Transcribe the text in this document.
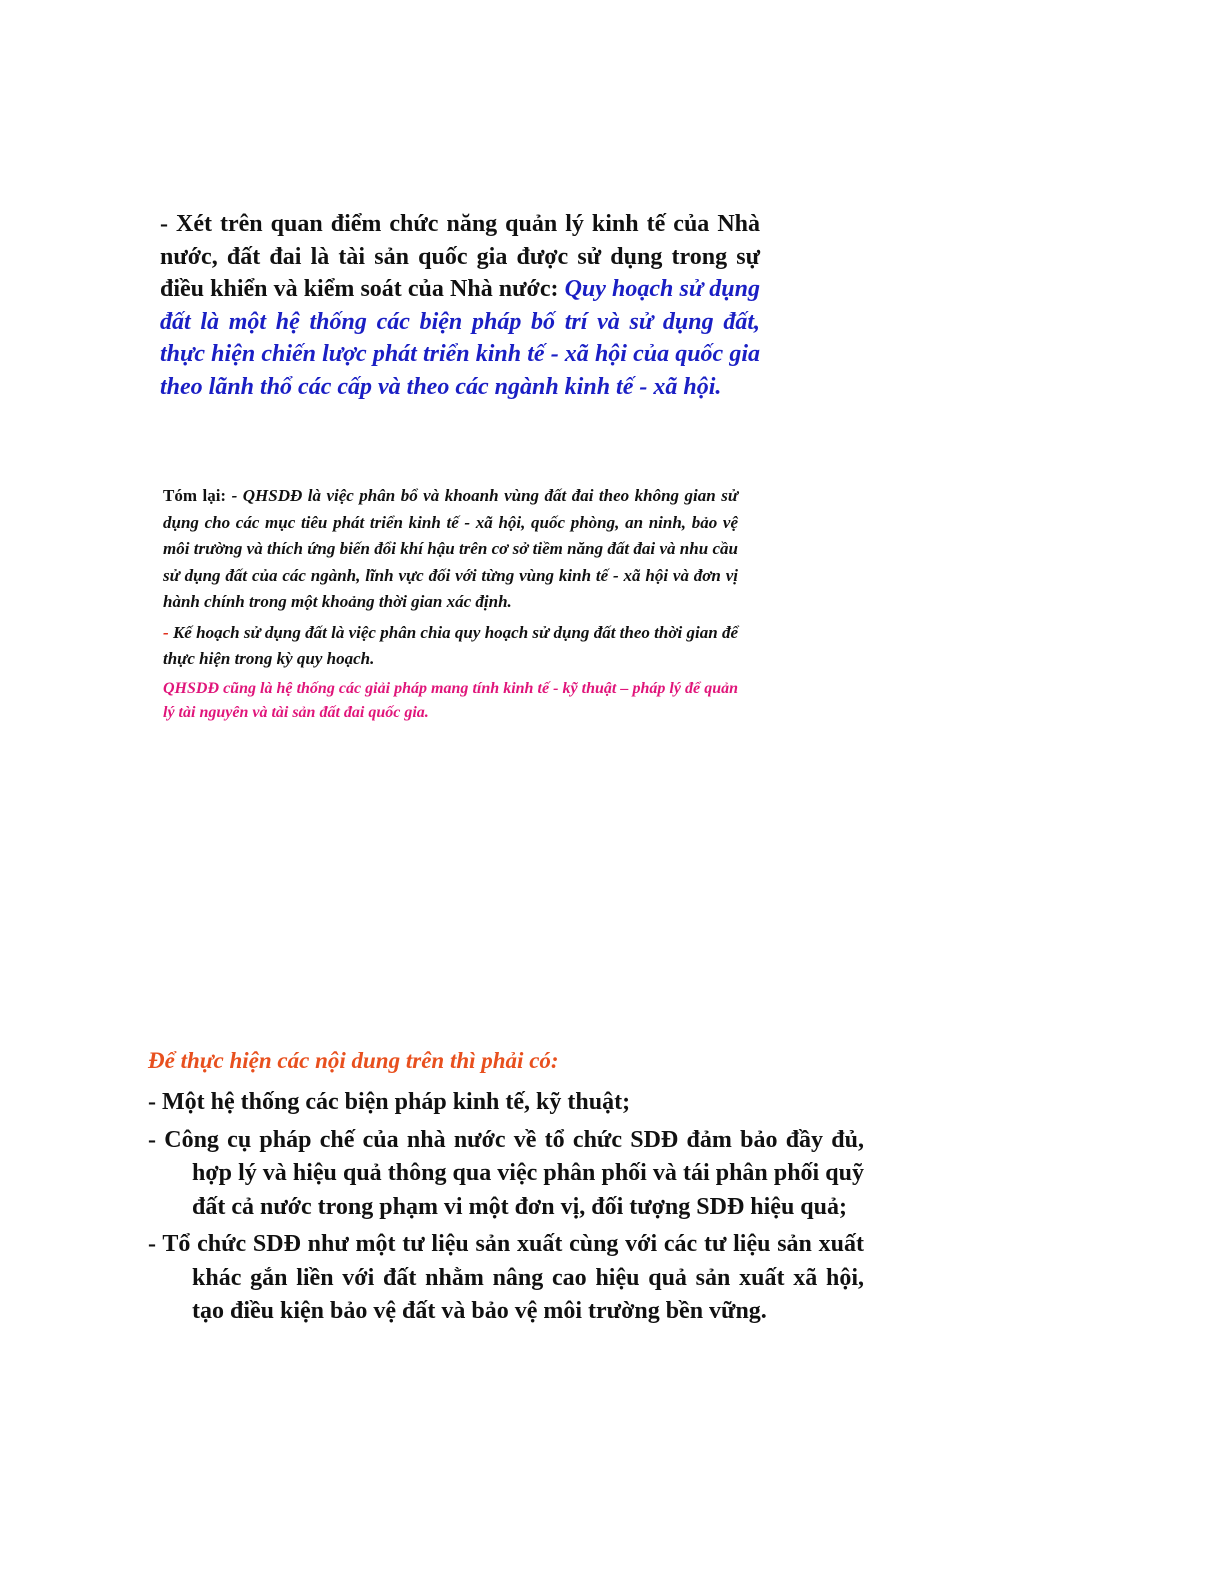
- Xét trên quan điểm chức năng quản lý kinh tế của Nhà nước, đất đai là tài sản quốc gia được sử dụng trong sự điều khiển và kiểm soát của Nhà nước: Quy hoạch sử dụng đất là một hệ thống các biện pháp bố trí và sử dụng đất, thực hiện chiến lược phát triển kinh tế - xã hội của quốc gia theo lãnh thổ các cấp và theo các ngành kinh tế - xã hội.

Tóm lại: - QHSDĐ là việc phân bổ và khoanh vùng đất đai theo không gian sử dụng cho các mục tiêu phát triển kinh tế - xã hội, quốc phòng, an ninh, bảo vệ môi trường và thích ứng biến đổi khí hậu trên cơ sở tiềm năng đất đai và nhu cầu sử dụng đất của các ngành, lĩnh vực đối với từng vùng kinh tế - xã hội và đơn vị hành chính trong một khoảng thời gian xác định.

- Kế hoạch sử dụng đất là việc phân chia quy hoạch sử dụng đất theo thời gian để thực hiện trong kỳ quy hoạch.

QHSDĐ cũng là hệ thống các giải pháp mang tính kinh tế - kỹ thuật – pháp lý để quản lý tài nguyên và tài sản đất đai quốc gia.

Để thực hiện các nội dung trên thì phải có:
- Một hệ thống các biện pháp kinh tế, kỹ thuật;
- Công cụ pháp chế của nhà nước về tổ chức SDĐ đảm bảo đầy đủ, hợp lý và hiệu quả thông qua việc phân phối và tái phân phối quỹ đất cả nước trong phạm vi một đơn vị, đối tượng SDĐ hiệu quả;
- Tổ chức SDĐ như một tư liệu sản xuất cùng với các tư liệu sản xuất khác gắn liền với đất nhằm nâng cao hiệu quả sản xuất xã hội, tạo điều kiện bảo vệ đất và bảo vệ môi trường bền vững.
